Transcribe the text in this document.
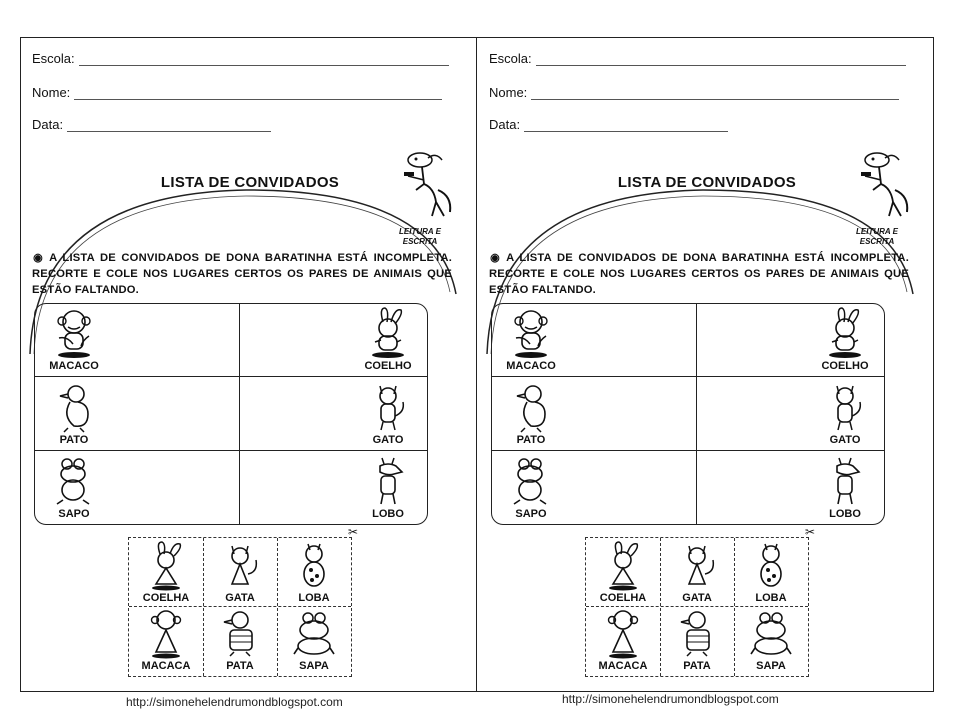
Escola:
Nome:
Data:
LISTA DE CONVIDADOS
LEITURA E
ESCRITA
◉ A LISTA DE CONVIDADOS DE DONA BARATINHA ESTÁ INCOMPLETA. RECORTE E COLE NOS LUGARES CERTOS OS PARES DE ANIMAIS QUE ESTÃO FALTANDO.
MACACO	COELHO
PATO	GATO
SAPO	LOBO
✂
COELHA	GATA	LOBA
MACACA	PATA	SAPA
Escola:
Nome:
Data:
LISTA DE CONVIDADOS
LEITURA E
ESCRITA
◉ A LISTA DE CONVIDADOS DE DONA BARATINHA ESTÁ INCOMPLETA. RECORTE E COLE NOS LUGARES CERTOS OS PARES DE ANIMAIS QUE ESTÃO FALTANDO.
MACACO	COELHO
PATO	GATO
SAPO	LOBO
✂
COELHA	GATA	LOBA
MACACA	PATA	SAPA
http://simonehelendrumondblogspot.com	http://simonehelendrumondblogspot.com
